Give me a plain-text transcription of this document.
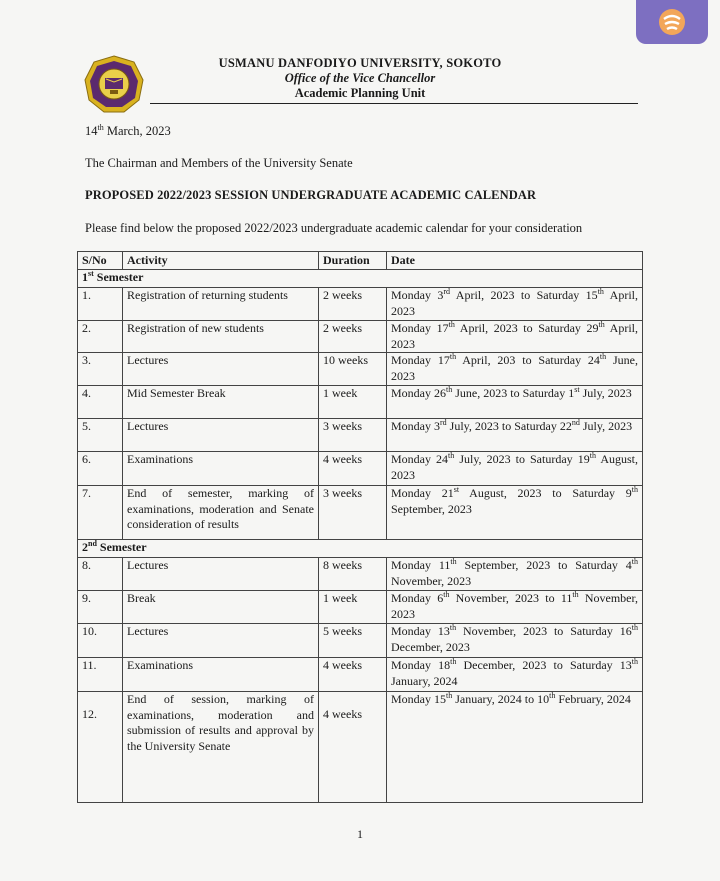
USMANU DANFODIYO UNIVERSITY, SOKOTO
Office of the Vice Chancellor
Academic Planning Unit
14th March, 2023
The Chairman and Members of the University Senate
PROPOSED 2022/2023 SESSION UNDERGRADUATE ACADEMIC CALENDAR
Please find below the proposed 2022/2023 undergraduate academic calendar for your consideration
S/No	Activity	Duration	Date
1st Semester			
1.	Registration of returning students	2 weeks	Monday 3rd April, 2023 to Saturday 15th April, 2023
2.	Registration of new students	2 weeks	Monday 17th April, 2023 to Saturday 29th April, 2023
3.	Lectures	10 weeks	Monday 17th April, 203 to Saturday 24th June, 2023
4.	Mid Semester Break	1 week	Monday 26th June, 2023 to Saturday 1st July, 2023
5.	Lectures	3 weeks	Monday 3rd July, 2023 to Saturday 22nd July, 2023
6.	Examinations	4 weeks	Monday 24th July, 2023 to Saturday 19th August, 2023
7.	End of semester, marking of examinations, moderation and Senate consideration of results	3 weeks	Monday 21st August, 2023 to Saturday 9th September, 2023
2nd Semester			
8.	Lectures	8 weeks	Monday 11th September, 2023 to Saturday 4th November, 2023
9.	Break	1 week	Monday 6th November, 2023 to 11th November, 2023
10.	Lectures	5 weeks	Monday 13th November, 2023 to Saturday 16th December, 2023
11.	Examinations	4 weeks	Monday 18th December, 2023 to Saturday 13th January, 2024
12.	End of session, marking of examinations, moderation and submission of results and approval by the University Senate	4 weeks	Monday 15th January, 2024 to 10th February, 2024
1
